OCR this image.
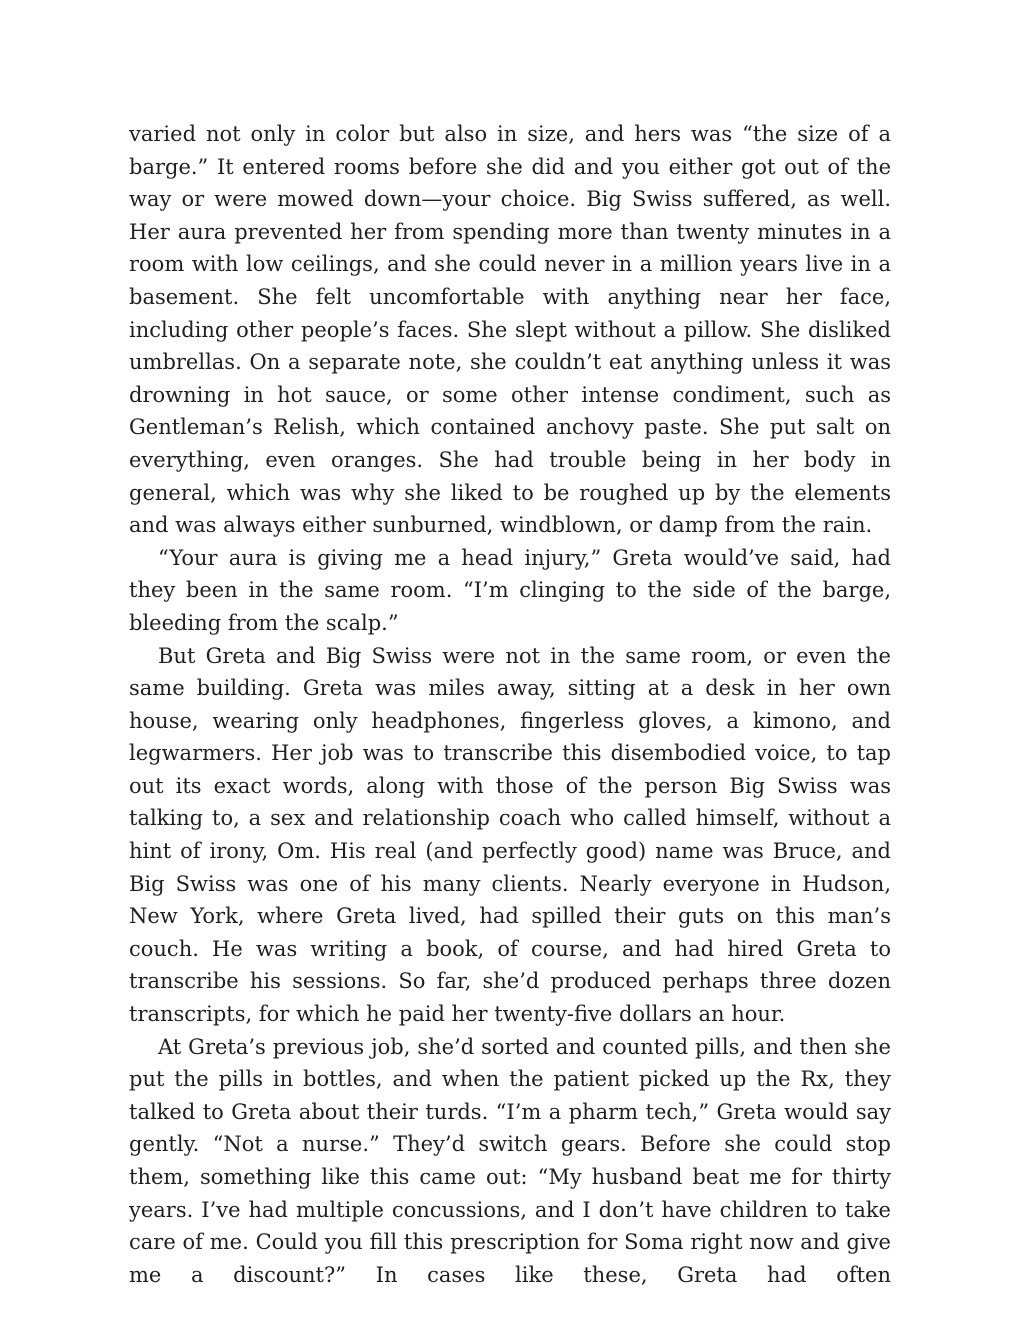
varied not only in color but also in size, and hers was “the size of a barge.” It entered rooms before she did and you either got out of the way or were mowed down—your choice. Big Swiss suffered, as well. Her aura prevented her from spending more than twenty minutes in a room with low ceilings, and she could never in a million years live in a basement. She felt uncomfortable with anything near her face, including other people’s faces. She slept without a pillow. She disliked umbrellas. On a separate note, she couldn’t eat anything unless it was drowning in hot sauce, or some other intense condiment, such as Gentleman’s Relish, which contained anchovy paste. She put salt on everything, even oranges. She had trouble being in her body in general, which was why she liked to be roughed up by the elements and was always either sunburned, windblown, or damp from the rain.

“Your aura is giving me a head injury,” Greta would’ve said, had they been in the same room. “I’m clinging to the side of the barge, bleeding from the scalp.”

But Greta and Big Swiss were not in the same room, or even the same building. Greta was miles away, sitting at a desk in her own house, wearing only headphones, fingerless gloves, a kimono, and legwarmers. Her job was to transcribe this disembodied voice, to tap out its exact words, along with those of the person Big Swiss was talking to, a sex and relationship coach who called himself, without a hint of irony, Om. His real (and perfectly good) name was Bruce, and Big Swiss was one of his many clients. Nearly everyone in Hudson, New York, where Greta lived, had spilled their guts on this man’s couch. He was writing a book, of course, and had hired Greta to transcribe his sessions. So far, she’d produced perhaps three dozen transcripts, for which he paid her twenty-five dollars an hour.

At Greta’s previous job, she’d sorted and counted pills, and then she put the pills in bottles, and when the patient picked up the Rx, they talked to Greta about their turds. “I’m a pharm tech,” Greta would say gently. “Not a nurse.” They’d switch gears. Before she could stop them, something like this came out: “My husband beat me for thirty years. I’ve had multiple concussions, and I don’t have children to take care of me. Could you fill this prescription for Soma right now and give me a discount?” In cases like these, Greta had often
